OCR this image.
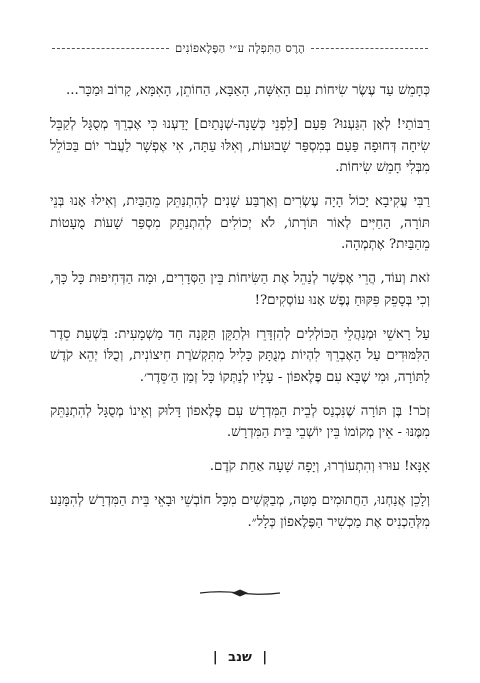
הֶרֶס הַתִּפְלָה ע״י הַפֶּלֶאפוֹנִים

כְּחָמֵשׁ עַד עֶשֶׂר שִׂיחוֹת עִם הָאִשָּׁה, הָאַבָּא, הַחוֹתֵן, הָאִמָּא, קָרוֹב וּמַכָּר...

רַבּוֹתַי! לְאָן הִגַּעְנוּ? פַּעַם [לִפְנֵי כְּשָׁנָה-שְׁנָתַיִם] יָדַעְנוּ כִּי אֶבְרֵךְ מְסֻגָּל לְקַבֵּל שִׂיחָה דְּחוּפָה פַּעַם בְּמִסְפַּר שָׁבוּעוֹת, וְאִלּוּ עַתָּה, אִי אֶפְשָׁר לַעֲבֹר יוֹם בַּכּוֹלֵל מִבְּלִי חָמֵשׁ שִׂיחוֹת.

רַבִּי עֲקִיבָא יָכוֹל הָיָה עֶשְׂרִים וְאַרְבַּע שָׁנִים לְהִתְנַתֵּק מֵהַבַּיִת, וְאִילוּ אָנוּ בְּנֵי תּוֹרָה, הַחַיִּים לְאוֹר תּוֹרָתוֹ, לֹא יְכוֹלִים לְהִתְנַתֵּק מִסְפַּר שָׁעוֹת מֻעָטוֹת מֵהַבַּיִת? אֶתְמְהָה.

זֹאת וְעוֹד, הֲרֵי אֶפְשָׁר לְנַהֵל אֶת הַשִּׂיחוֹת בֵּין הַסְּדָרִים, וּמָה הַדְּחִיפוּת כָּל כָּךְ, וְכִי בְּסָפֵק פִּקּוּחַ נֶפֶשׁ אָנוּ עוֹסְקִים?!

עַל רָאשֵׁי וּמְנַהֲלֵי הַכּוֹלְלִים לְהִזְדָּרֵז וּלְתַקֵּן תַּקָּנָה חַד מַשְׁמָעִית: בִּשְׁעַת סֵדֶר הַלִּמּוּדִים עַל הָאֶבְרֵךְ לִהְיוֹת מְנֻתָּק כָּלִיל מִתִּקְשֹׁרֶת חִיצוֹנִית, וְכֻלּוֹ יְהֵא קֹדֶשׁ לַתּוֹרָה, וּמִי שֶׁבָּא עִם פֶּלֶאפוֹן - עָלָיו לְנַתְּקוֹ כָּל זְמַן הַ׳סֵּדֶר׳.

זְכֹר! בֶּן תּוֹרָה שֶׁנִּכְנַס לְבֵית הַמִּדְרָשׁ עִם פֶּלֶאפוֹן דָּלוּק וְאֵינוֹ מְסֻגָּל לְהִתְנַתֵּק מִמֶּנּוּ - אֵין מְקוֹמוֹ בֵּין יוֹשְׁבֵי בֵּית הַמִּדְרָשׁ.

אָנָּא! עוּרוּ וְהִתְעוֹרְרוּ, וְיָפָה שָׁעָה אַחַת קֹדֶם.

וְלָכֵן אֲנַחְנוּ, הַחֲתוּמִים מַטָּה, מְבַקְּשִׁים מִכָּל חוֹבְשֵׁי וּבָאֵי בֵּית הַמִּדְרָשׁ לְהִמָּנַע מִלְּהַכְנִיס אֶת מַכְשִׁיר הַפֶּלֶאפוֹן כְּלָל״.

| שנב |
